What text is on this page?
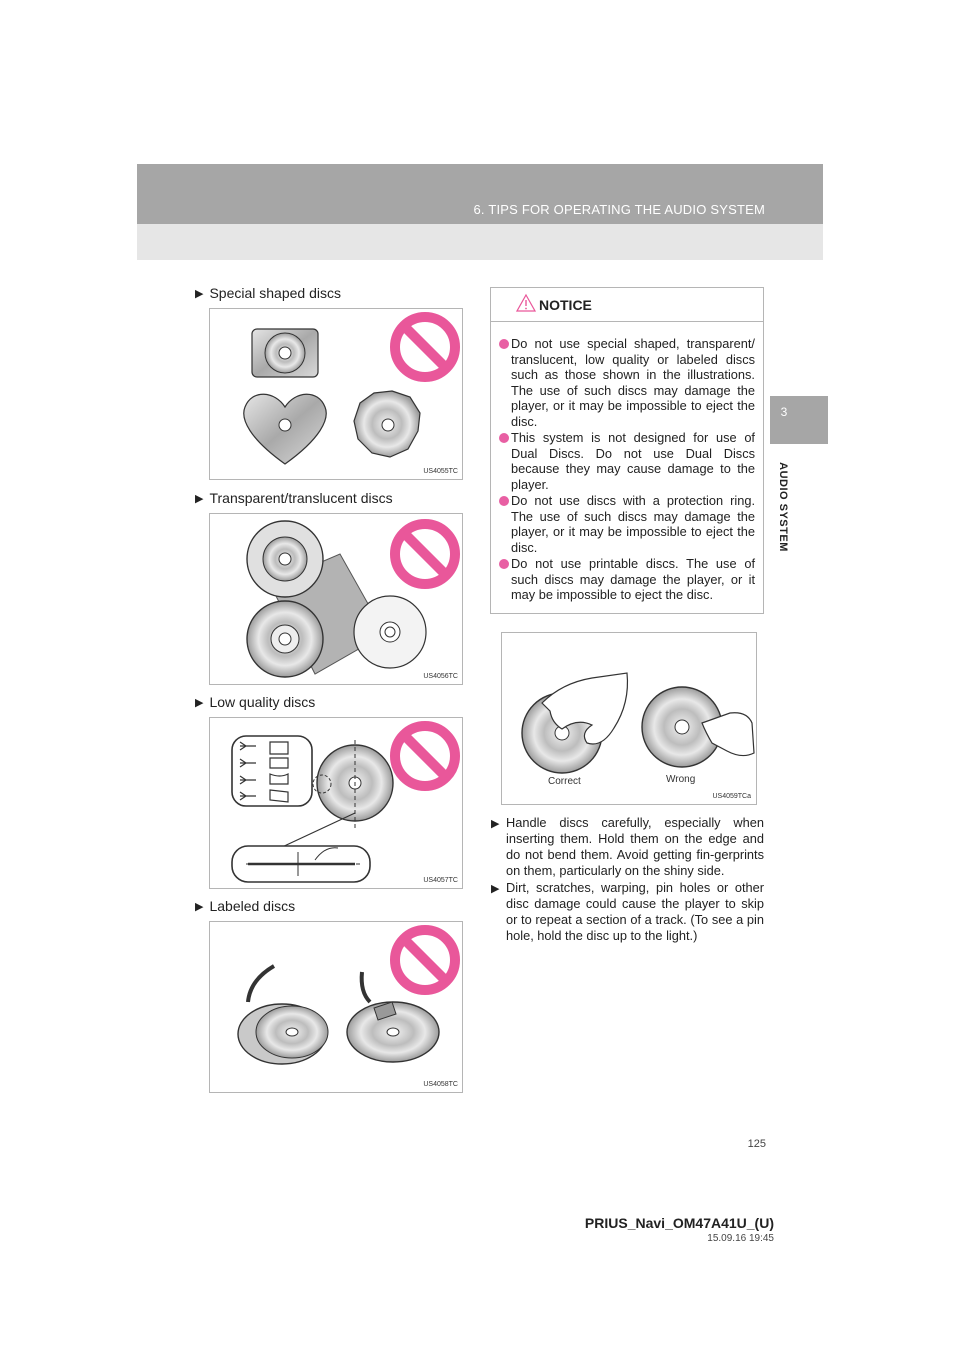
6. TIPS FOR OPERATING THE AUDIO SYSTEM
3
AUDIO SYSTEM
▶ Special shaped discs
US4055TC
▶ Transparent/translucent discs
US4056TC
▶ Low quality discs
US4057TC
▶ Labeled discs
US4058TC
NOTICE
Do not use special shaped, transparent/ translucent, low quality or labeled discs such as those shown in the illustrations. The use of such discs may damage the player, or it may be impossible to eject the disc.
This system is not designed for use of Dual Discs. Do not use Dual Discs because they may cause damage to the player.
Do not use discs with a protection ring. The use of such discs may damage the player, or it may be impossible to eject the disc.
Do not use printable discs. The use of such discs may damage the player, or it may be impossible to eject the disc.
Correct	Wrong
US4059TCa
▶ Handle discs carefully, especially when inserting them. Hold them on the edge and do not bend them. Avoid getting fin-gerprints on them, particularly on the shiny side.
▶ Dirt, scratches, warping, pin holes or other disc damage could cause the player to skip or to repeat a section of a track. (To see a pin hole, hold the disc up to the light.)
125
PRIUS_Navi_OM47A41U_(U)
15.09.16 19:45
